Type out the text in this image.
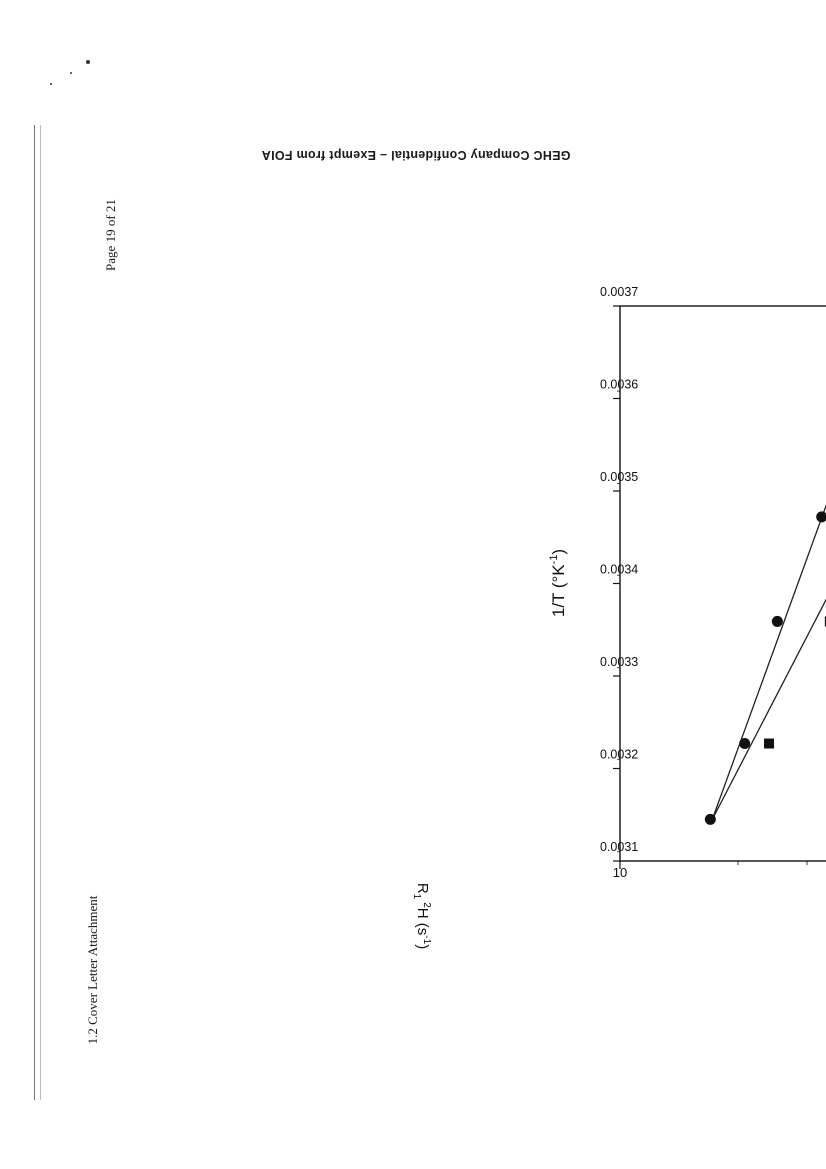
GEHC Company Confidential – Exempt from FOIA
Page 19 of 21
1.2 Cover Letter Attachment
0.0031
0.0032
0.0033
0.0034
0.0035
0.0036
0.0037
10
$R_1^2H$ $(s^{-1})$
1/T $(^\circ K^{-1})$
